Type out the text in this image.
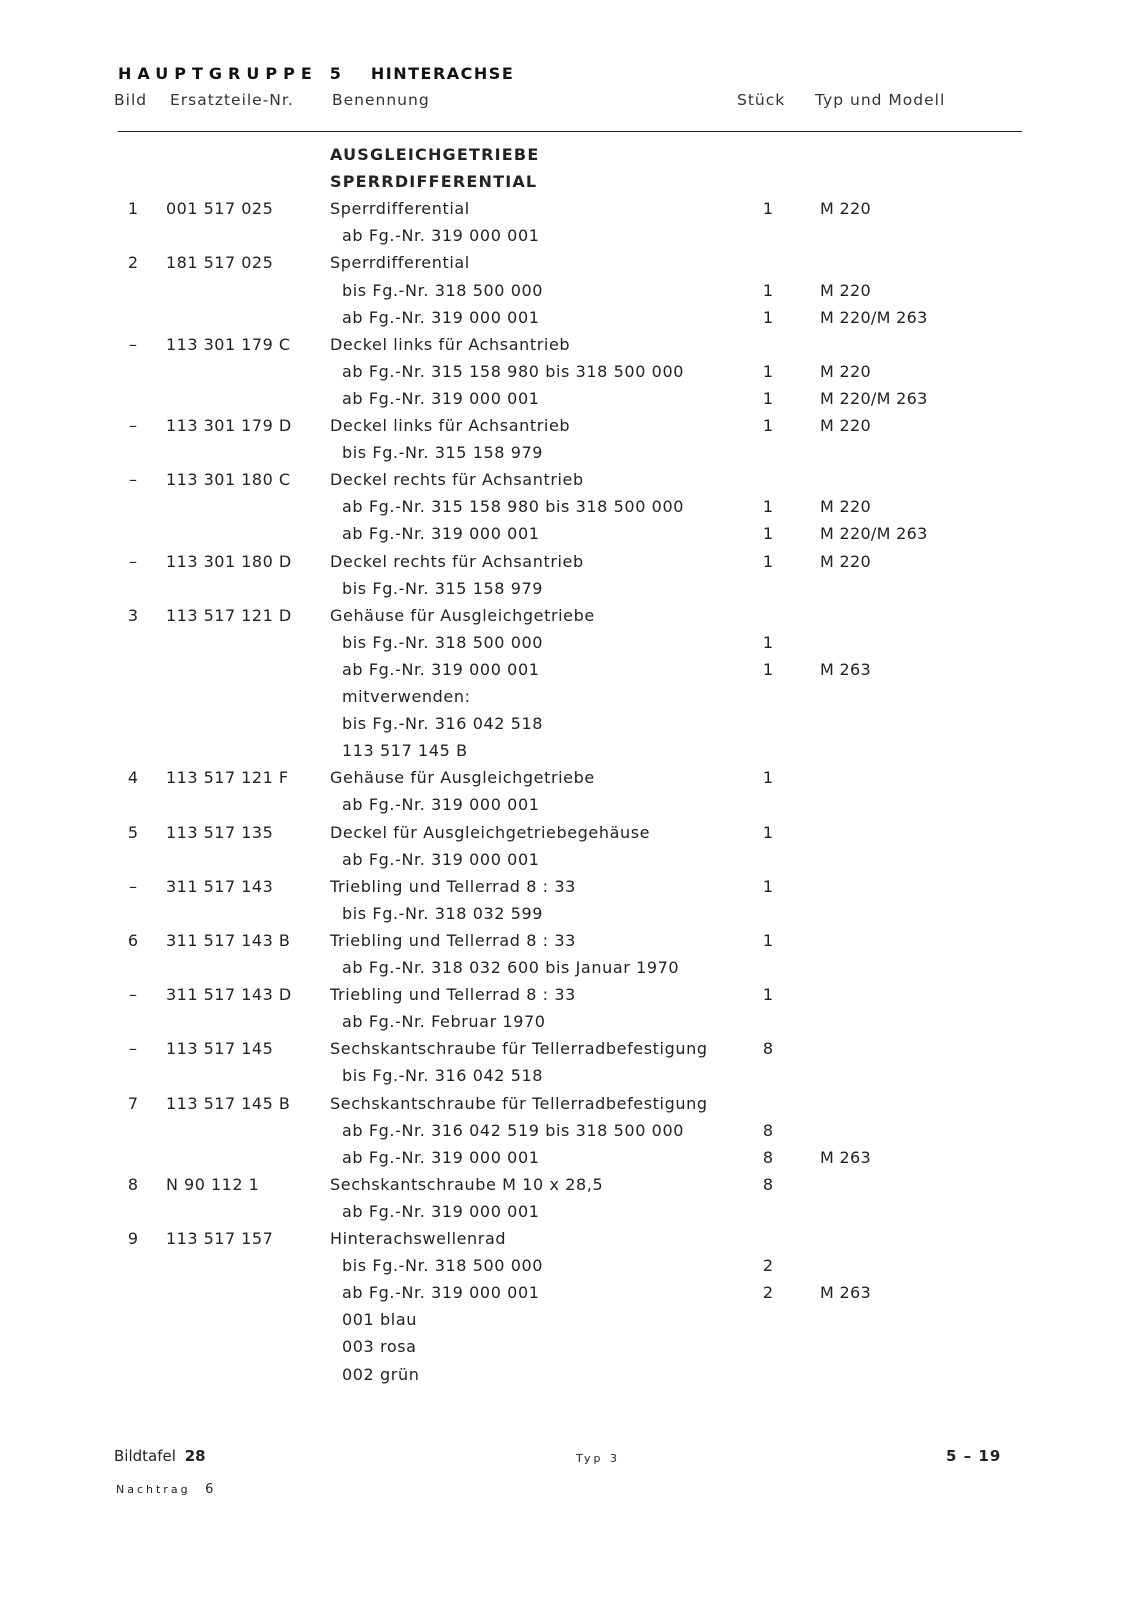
HAUPTGRUPPE 5 HINTERACHSE
Bild Ersatzteile-Nr. Benennung	Stück Typ und Modell
AUSGLEICHGETRIEBE
SPERRDIFFERENTIAL
1	001 517 025	Sperrdifferential	1	M 220
ab Fg.-Nr. 319 000 001
2	181 517 025	Sperrdifferential
bis Fg.-Nr. 318 500 000	1	M 220
ab Fg.-Nr. 319 000 001	1	M 220/M 263
–	113 301 179 C Deckel links für Achsantrieb
ab Fg.-Nr. 315 158 980 bis 318 500 000	1	M 220
ab Fg.-Nr. 319 000 001	1	M 220/M 263
–	113 301 179 D Deckel links für Achsantrieb	1	M 220
bis Fg.-Nr. 315 158 979
–	113 301 180 C Deckel rechts für Achsantrieb
ab Fg.-Nr. 315 158 980 bis 318 500 000	1	M 220
ab Fg.-Nr. 319 000 001	1	M 220/M 263
–	113 301 180 D Deckel rechts für Achsantrieb	1	M 220
bis Fg.-Nr. 315 158 979
3	113 517 121 D Gehäuse für Ausgleichgetriebe
bis Fg.-Nr. 318 500 000	1
ab Fg.-Nr. 319 000 001	1	M 263
mitverwenden:
bis Fg.-Nr. 316 042 518
113 517 145 B
4	113 517 121 F	Gehäuse für Ausgleichgetriebe	1
ab Fg.-Nr. 319 000 001
5	113 517 135	Deckel für Ausgleichgetriebegehäuse	1
ab Fg.-Nr. 319 000 001
–	311 517 143	Triebling und Tellerrad 8 : 33	1
bis Fg.-Nr. 318 032 599
6	311 517 143 B Triebling und Tellerrad 8 : 33	1
ab Fg.-Nr. 318 032 600 bis Januar 1970
–	311 517 143 D Triebling und Tellerrad 8 : 33	1
ab Fg.-Nr. Februar 1970
–	113 517 145	Sechskantschraube für Tellerradbefestigung	8
bis Fg.-Nr. 316 042 518
7	113 517 145 B Sechskantschraube für Tellerradbefestigung
ab Fg.-Nr. 316 042 519 bis 318 500 000	8
ab Fg.-Nr. 319 000 001	8	M 263
8	N 90 112 1	Sechskantschraube M 10 x 28,5	8
ab Fg.-Nr. 319 000 001
9	113 517 157	Hinterachswellenrad
bis Fg.-Nr. 318 500 000	2
ab Fg.-Nr. 319 000 001	2	M 263
001 blau
003 rosa
002 grün
Bildtafel 28
Nachtrag 6
Typ 3	5 – 19
